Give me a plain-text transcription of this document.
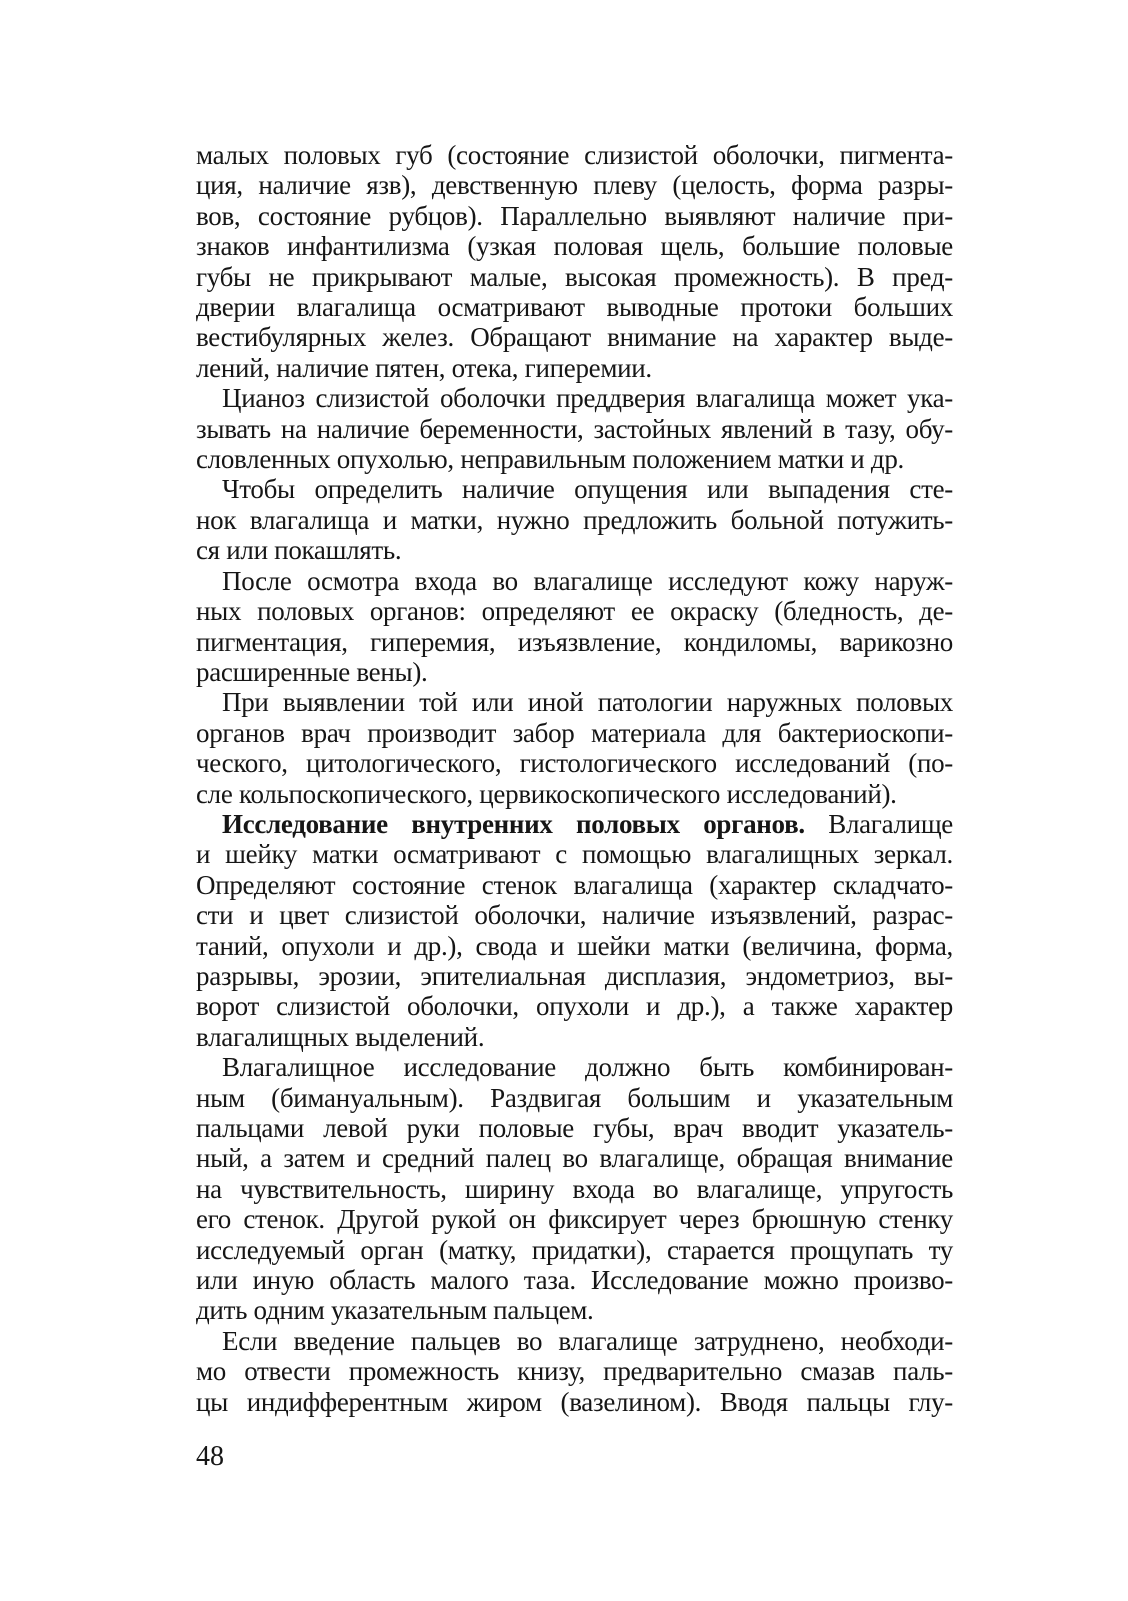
малых половых губ (состояние слизистой оболочки, пигмента-
ция, наличие язв), девственную плеву (целость, форма разры-
вов, состояние рубцов). Параллельно выявляют наличие при-
знаков инфантилизма (узкая половая щель, большие половые
губы не прикрывают малые, высокая промежность). В пред-
дверии влагалища осматривают выводные протоки больших
вестибулярных желез. Обращают внимание на характер выде-
лений, наличие пятен, отека, гиперемии.
Цианоз слизистой оболочки преддверия влагалища может ука-
зывать на наличие беременности, застойных явлений в тазу, обу-
словленных опухолью, неправильным положением матки и др.
Чтобы определить наличие опущения или выпадения сте-
нок влагалища и матки, нужно предложить больной потужить-
ся или покашлять.
После осмотра входа во влагалище исследуют кожу наруж-
ных половых органов: определяют ее окраску (бледность, де-
пигментация, гиперемия, изъязвление, кондиломы, варикозно
расширенные вены).
При выявлении той или иной патологии наружных половых
органов врач производит забор материала для бактериоскопи-
ческого, цитологического, гистологического исследований (по-
сле кольпоскопического, цервикоскопического исследований).
Исследование внутренних половых органов. Влагалище
и шейку матки осматривают с помощью влагалищных зеркал.
Определяют состояние стенок влагалища (характер складчато-
сти и цвет слизистой оболочки, наличие изъязвлений, разрас-
таний, опухоли и др.), свода и шейки матки (величина, форма,
разрывы, эрозии, эпителиальная дисплазия, эндометриоз, вы-
ворот слизистой оболочки, опухоли и др.), а также характер
влагалищных выделений.
Влагалищное исследование должно быть комбинирован-
ным (бимануальным). Раздвигая большим и указательным
пальцами левой руки половые губы, врач вводит указатель-
ный, а затем и средний палец во влагалище, обращая внимание
на чувствительность, ширину входа во влагалище, упругость
его стенок. Другой рукой он фиксирует через брюшную стенку
исследуемый орган (матку, придатки), старается прощупать ту
или иную область малого таза. Исследование можно произво-
дить одним указательным пальцем.
Если введение пальцев во влагалище затруднено, необходи-
мо отвести промежность книзу, предварительно смазав паль-
цы индифферентным жиром (вазелином). Вводя пальцы глу-
48
